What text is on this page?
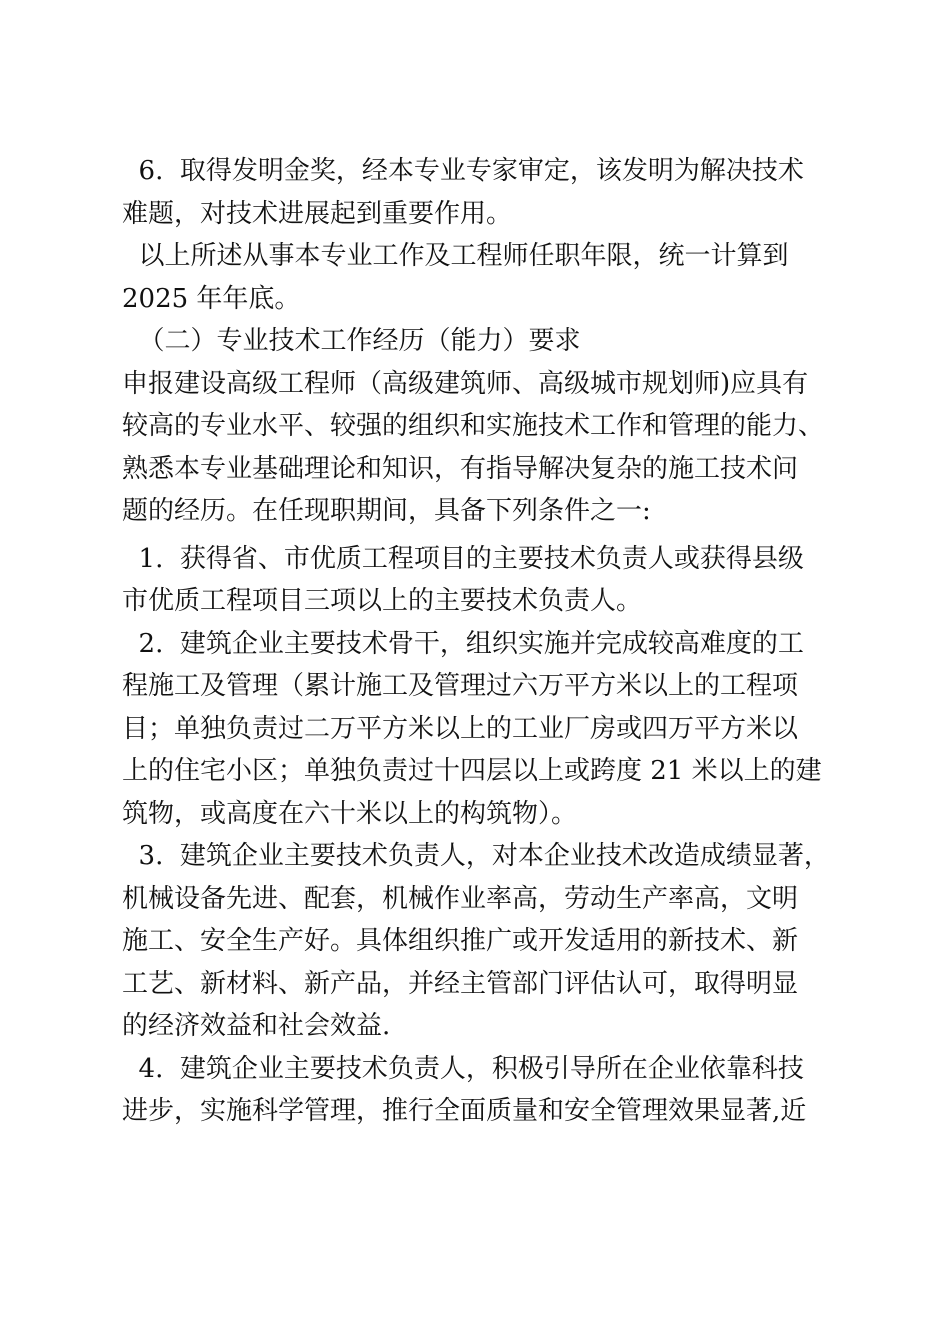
6.  取得发明金奖，经本专业专家审定，该发明为解决技术
难题，对技术进展起到重要作用。
以上所述从事本专业工作及工程师任职年限，统一计算到
2025 年年底。
（二）专业技术工作经历（能力）要求
申报建设高级工程师（高级建筑师、高级城市规划师)应具有
较高的专业水平、较强的组织和实施技术工作和管理的能力、
熟悉本专业基础理论和知识，有指导解决复杂的施工技术问
题的经历。在任现职期间，具备下列条件之一:
1.  获得省、市优质工程项目的主要技术负责人或获得县级
市优质工程项目三项以上的主要技术负责人。
2.  建筑企业主要技术骨干，组织实施并完成较高难度的工
程施工及管理（累计施工及管理过六万平方米以上的工程项
目；单独负责过二万平方米以上的工业厂房或四万平方米以
上的住宅小区；单独负责过十四层以上或跨度 21 米以上的建
筑物，或高度在六十米以上的构筑物）。
3.  建筑企业主要技术负责人，对本企业技术改造成绩显著，
机械设备先进、配套，机械作业率高，劳动生产率高，文明
施工、安全生产好。具体组织推广或开发适用的新技术、新
工艺、新材料、新产品，并经主管部门评估认可，取得明显
的经济效益和社会效益.
4.  建筑企业主要技术负责人，积极引导所在企业依靠科技
进步，实施科学管理，推行全面质量和安全管理效果显著,近
